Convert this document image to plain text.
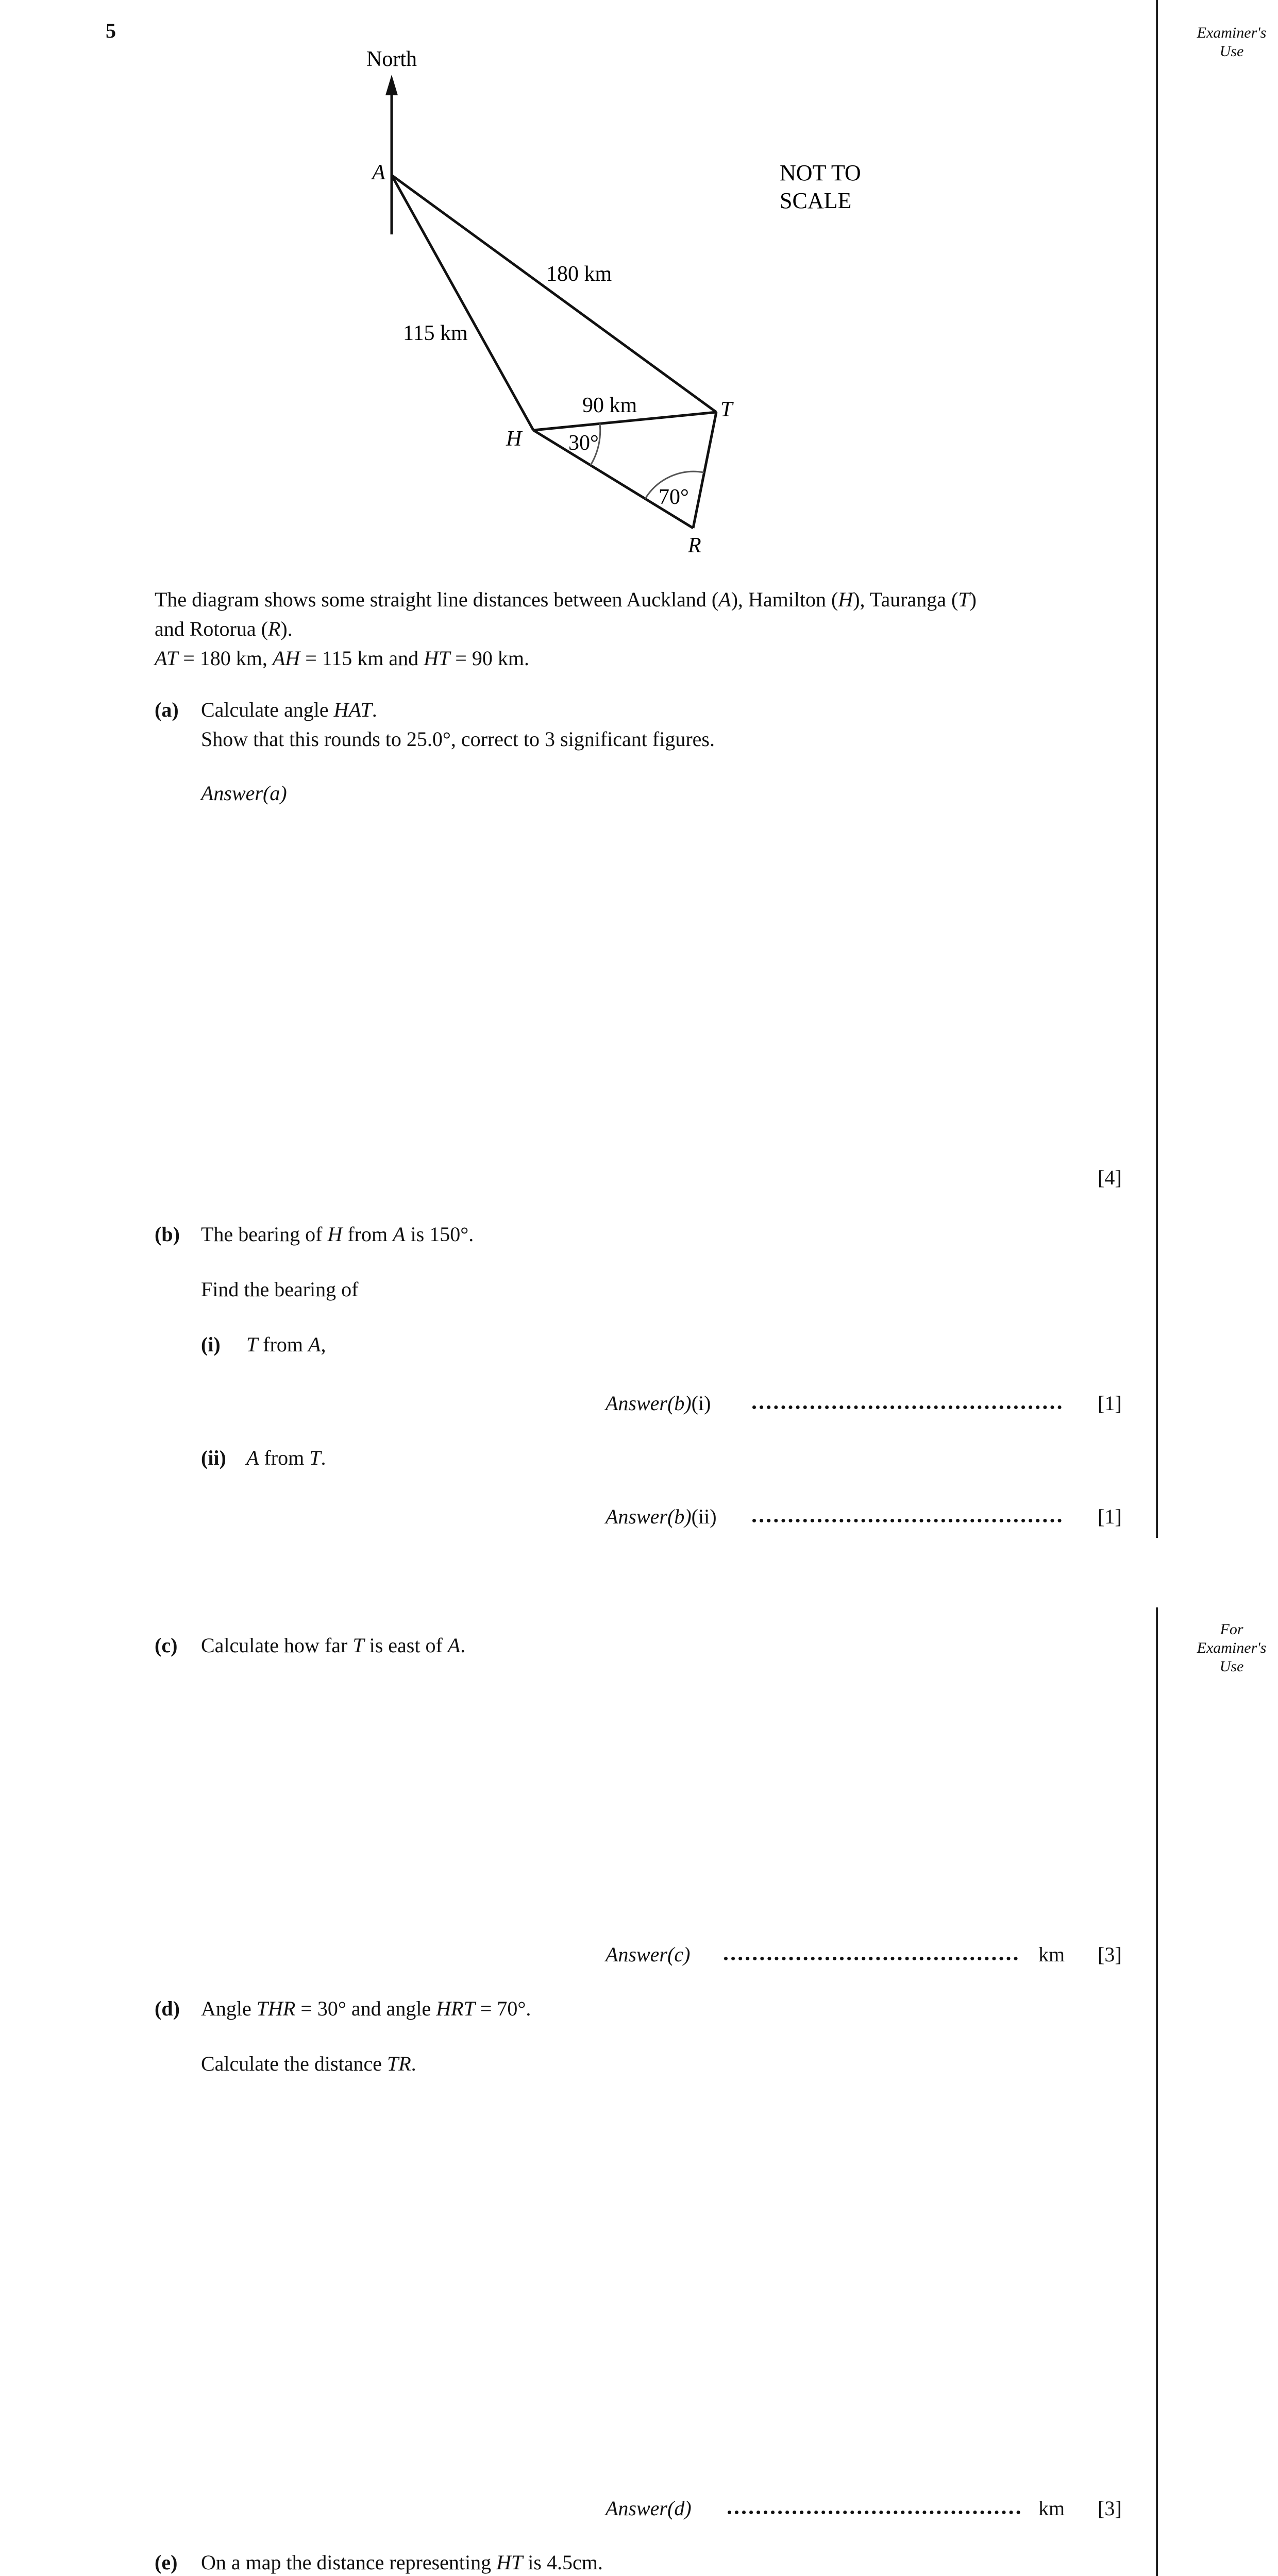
5	Examiner's
Use
For
Examiner's
Use
North
A
H
T
R
180 km
115 km
90 km
30°
70°
NOT TO
SCALE
The diagram shows some straight line distances between Auckland (A), Hamilton (H), Tauranga (T)
and Rotorua (R).
AT = 180 km, AH = 115 km and HT = 90 km.
(a) Calculate angle HAT.
Show that this rounds to 25.0°, correct to 3 significant figures.
Answer(a)
[4]
(b) The bearing of H from A is 150°.
Find the bearing of
(i) T from A,
Answer(b)(i)	[1]
(ii) A from T.
Answer(b)(ii)	[1]
(c) Calculate how far T is east of A.
Answer(c)	km [3]
(d) Angle THR = 30° and angle HRT = 70°.
Calculate the distance TR.
Answer(d)	km [3]
(e) On a map the distance representing HT is 4.5cm.
